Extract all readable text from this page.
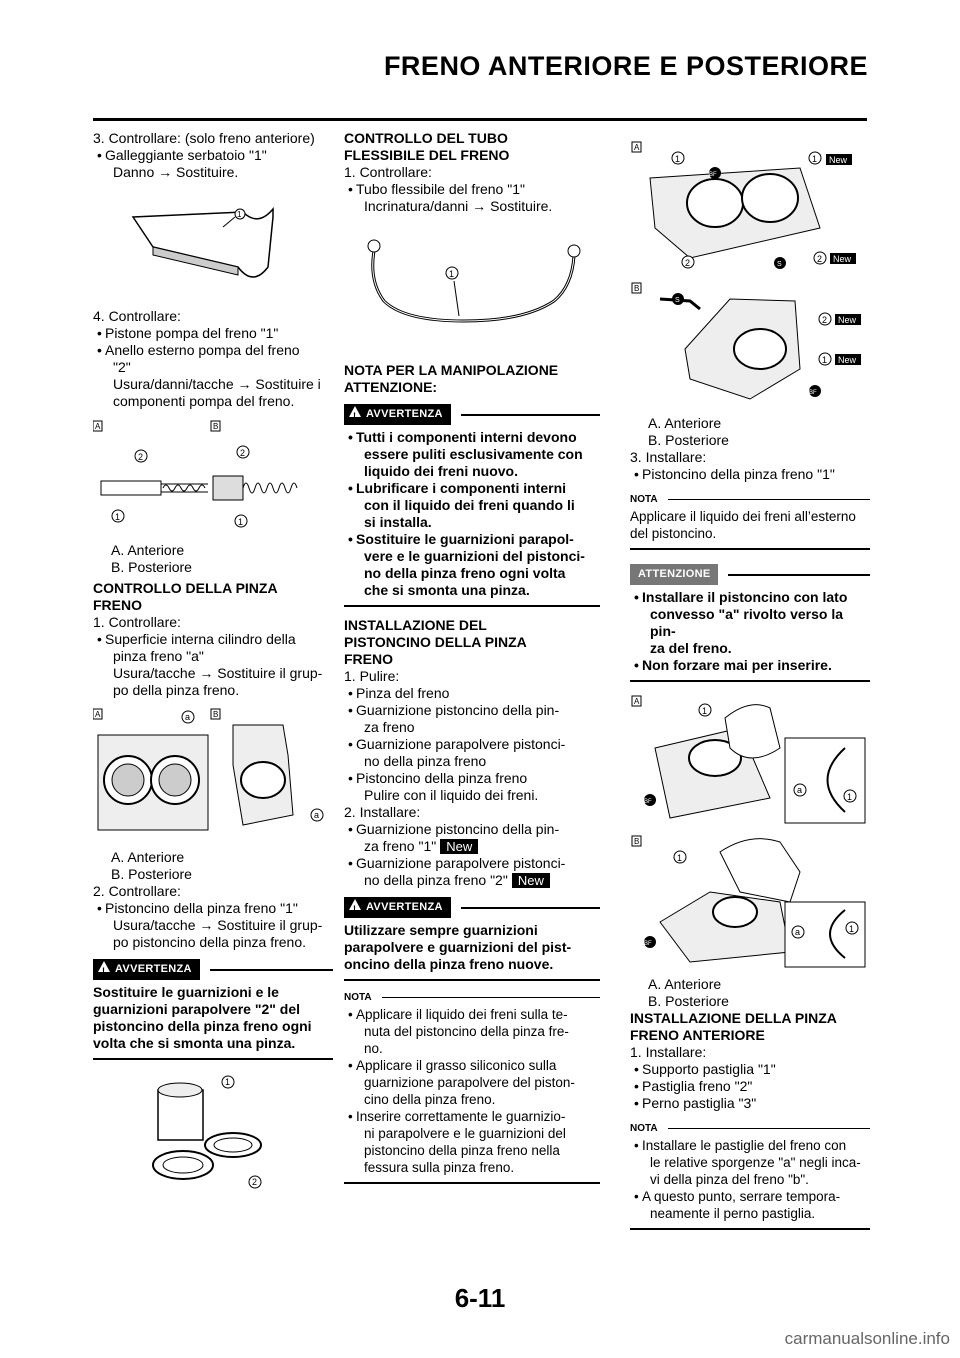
FRENO ANTERIORE E POSTERIORE

3. Controllare: (solo freno anteriore)

• Galleggiante serbatoio "1"

Danno → Sostituire.

1

4. Controllare:

• Pistone pompa del freno "1"

• Anello esterno pompa del freno

"2"

Usura/danni/tacche → Sostituire i

componenti pompa del freno.

A	B
2
1
2
1

A. Anteriore

B. Posteriore

CONTROLLO DELLA PINZA

FRENO

1. Controllare:

• Superficie interna cilindro della

pinza freno "a"

Usura/tacche → Sostituire il grup-

po della pinza freno.

A	B
a
a

A. Anteriore

B. Posteriore

2. Controllare:

• Pistoncino della pinza freno "1"

Usura/tacche → Sostituire il grup-

po pistoncino della pinza freno.

! AVVERTENZA

Sostituire le guarnizioni e le

guarnizioni parapolvere "2" del

pistoncino della pinza freno ogni

volta che si smonta una pinza.

1
2

CONTROLLO DEL TUBO

FLESSIBILE DEL FRENO

1. Controllare:

• Tubo flessibile del freno "1"

Incrinatura/danni → Sostituire.

1

NOTA PER LA MANIPOLAZIONE

ATTENZIONE:

! AVVERTENZA

• Tutti i componenti interni devono

essere puliti esclusivamente con

liquido dei freni nuovo.

• Lubrificare i componenti interni

con il liquido dei freni quando li

si installa.

• Sostituire le guarnizioni parapol-

vere e le guarnizioni del pistonci-

no della pinza freno ogni volta

che si smonta una pinza.

INSTALLAZIONE DEL

PISTONCINO DELLA PINZA

FRENO

1. Pulire:

• Pinza del freno

• Guarnizione pistoncino della pin-

za freno

• Guarnizione parapolvere pistonci-

no della pinza freno

• Pistoncino della pinza freno

Pulire con il liquido dei freni.

2. Installare:

• Guarnizione pistoncino della pin-

za freno "1" New

• Guarnizione parapolvere pistonci-

no della pinza freno "2" New

! AVVERTENZA

Utilizzare sempre guarnizioni

parapolvere e guarnizioni del pist-

oncino della pinza freno nuove.

NOTA

• Applicare il liquido dei freni sulla te-

nuta del pistoncino della pinza fre-

no.

• Applicare il grasso siliconico sulla

guarnizione parapolvere del piston-

cino della pinza freno.

• Inserire correttamente le guarnizio-

ni parapolvere e le guarnizioni del

pistoncino della pinza freno nella

fessura sulla pinza freno.

A
1	1 New
2	2 New
BF
S
B
S
2 New
1 New
BF

A. Anteriore

B. Posteriore

3. Installare:

• Pistoncino della pinza freno "1"

NOTA

Applicare il liquido dei freni all’esterno

del pistoncino.

ATTENZIONE

• Installare il pistoncino con lato

convesso "a" rivolto verso la pin-

za del freno.

• Non forzare mai per inserire.

A
1
BF
a
1
B
1
BF
a	1

A. Anteriore

B. Posteriore

INSTALLAZIONE DELLA PINZA

FRENO ANTERIORE

1. Installare:

• Supporto pastiglia "1"

• Pastiglia freno "2"

• Perno pastiglia "3"

NOTA

• Installare le pastiglie del freno con

le relative sporgenze "a" negli inca-

vi della pinza del freno "b".

• A questo punto, serrare tempora-

neamente il perno pastiglia.

6-11
carmanualsonline.info
